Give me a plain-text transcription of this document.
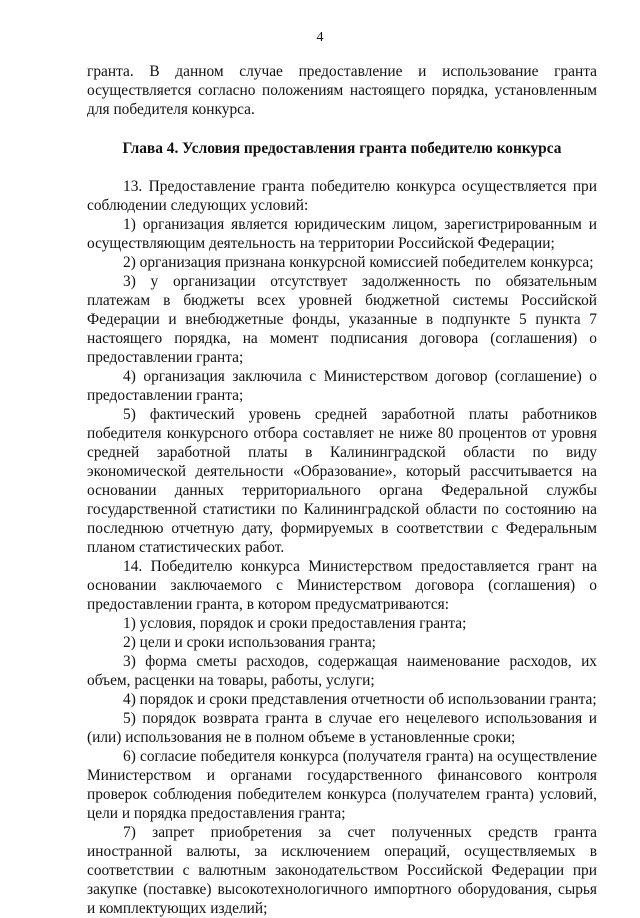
4

гранта. В данном случае предоставление и использование гранта осуществляется согласно положениям настоящего порядка, установленным для победителя конкурса.

Глава 4. Условия предоставления гранта победителю конкурса

13. Предоставление гранта победителю конкурса осуществляется при соблюдении следующих условий:

1) организация является юридическим лицом, зарегистрированным и осуществляющим деятельность на территории Российской Федерации;

2) организация признана конкурсной комиссией победителем конкурса;

3) у организации отсутствует задолженность по обязательным платежам в бюджеты всех уровней бюджетной системы Российской Федерации и внебюджетные фонды, указанные в подпункте 5 пункта 7 настоящего порядка, на момент подписания договора (соглашения) о предоставлении гранта;

4) организация заключила с Министерством договор (соглашение) о предоставлении гранта;

5) фактический уровень средней заработной платы работников победителя конкурсного отбора составляет не ниже 80 процентов от уровня средней заработной платы в Калининградской области по виду экономической деятельности «Образование», который рассчитывается на основании данных территориального органа Федеральной службы государственной статистики по Калининградской области по состоянию на последнюю отчетную дату, формируемых в соответствии с Федеральным планом статистических работ.

14. Победителю конкурса Министерством предоставляется грант на основании заключаемого с Министерством договора (соглашения) о предоставлении гранта, в котором предусматриваются:

1) условия, порядок и сроки предоставления гранта;

2) цели и сроки использования гранта;

3) форма сметы расходов, содержащая наименование расходов, их объем, расценки на товары, работы, услуги;

4) порядок и сроки представления отчетности об использовании гранта;

5) порядок возврата гранта в случае его нецелевого использования и (или) использования не в полном объеме в установленные сроки;

6) согласие победителя конкурса (получателя гранта) на осуществление Министерством и органами государственного финансового контроля проверок соблюдения победителем конкурса (получателем гранта) условий, цели и порядка предоставления гранта;

7) запрет приобретения за счет полученных средств гранта иностранной валюты, за исключением операций, осуществляемых в соответствии с валютным законодательством Российской Федерации при закупке (поставке) высокотехнологичного импортного оборудования, сырья и комплектующих изделий;
